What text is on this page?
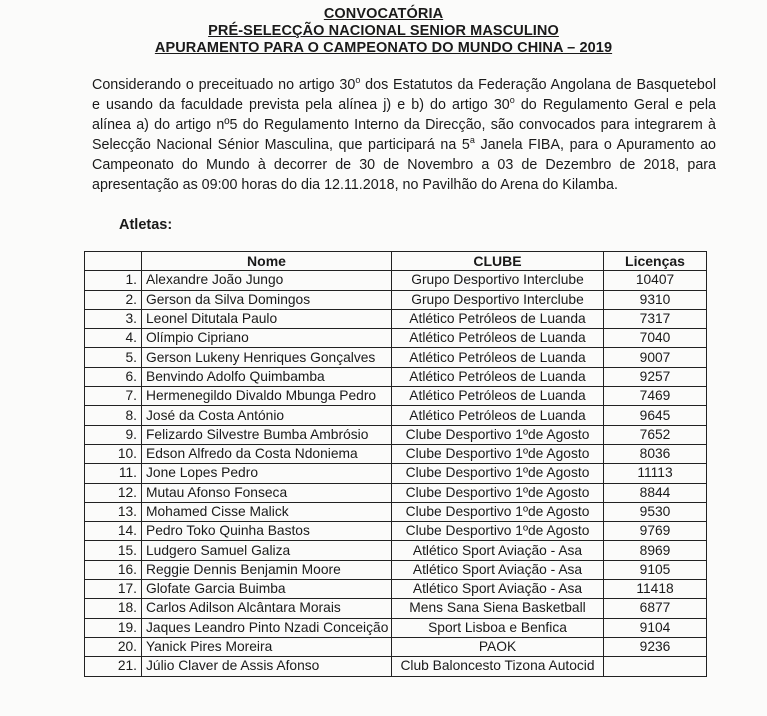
CONVOCATÓRIA
PRÉ-SELECÇÃO NACIONAL SENIOR MASCULINO
APURAMENTO PARA O CAMPEONATO DO MUNDO CHINA – 2019

Considerando o preceituado no artigo 30$^o$ dos Estatutos da Federação Angolana de Basquetebol e usando da faculdade prevista pela alínea j) e b) do artigo 30$^o$ do Regulamento Geral e pela alínea a) do artigo nº5 do Regulamento Interno da Direcção, são convocados para integrarem à Selecção Nacional Sénior Masculina, que participará na 5$^a$ Janela FIBA, para o Apuramento ao Campeonato do Mundo à decorrer de 30 de Novembro a 03 de Dezembro de 2018, para apresentação as 09:00 horas do dia 12.11.2018, no Pavilhão do Arena do Kilamba.

Atletas:
	Nome	CLUBE	Licenças
1.	Alexandre João Jungo	Grupo Desportivo Interclube	10407
2.	Gerson da Silva Domingos	Grupo Desportivo Interclube	9310
3.	Leonel Ditutala Paulo	Atlético Petróleos de Luanda	7317
4.	Olímpio Cipriano	Atlético Petróleos de Luanda	7040
5.	Gerson Lukeny Henriques Gonçalves	Atlético Petróleos de Luanda	9007
6.	Benvindo Adolfo Quimbamba	Atlético Petróleos de Luanda	9257
7.	Hermenegildo Divaldo Mbunga Pedro	Atlético Petróleos de Luanda	7469
8.	José da Costa António	Atlético Petróleos de Luanda	9645
9.	Felizardo Silvestre Bumba Ambrósio	Clube Desportivo 1ºde Agosto	7652
10.	Edson Alfredo da Costa Ndoniema	Clube Desportivo 1ºde Agosto	8036
11.	Jone Lopes Pedro	Clube Desportivo 1ºde Agosto	11113
12.	Mutau Afonso Fonseca	Clube Desportivo 1ºde Agosto	8844
13.	Mohamed Cisse Malick	Clube Desportivo 1ºde Agosto	9530
14.	Pedro Toko Quinha Bastos	Clube Desportivo 1ºde Agosto	9769
15.	Ludgero Samuel Galiza	Atlético Sport Aviação - Asa	8969
16.	Reggie Dennis Benjamin Moore	Atlético Sport Aviação - Asa	9105
17.	Glofate Garcia Buimba	Atlético Sport Aviação - Asa	11418
18.	Carlos Adilson Alcântara Morais	Mens Sana Siena Basketball	6877
19.	Jaques Leandro Pinto Nzadi Conceição	Sport Lisboa e Benfica	9104
20.	Yanick Pires Moreira	PAOK	9236
21.	Júlio Claver de Assis Afonso	Club Baloncesto Tizona Autocid	
